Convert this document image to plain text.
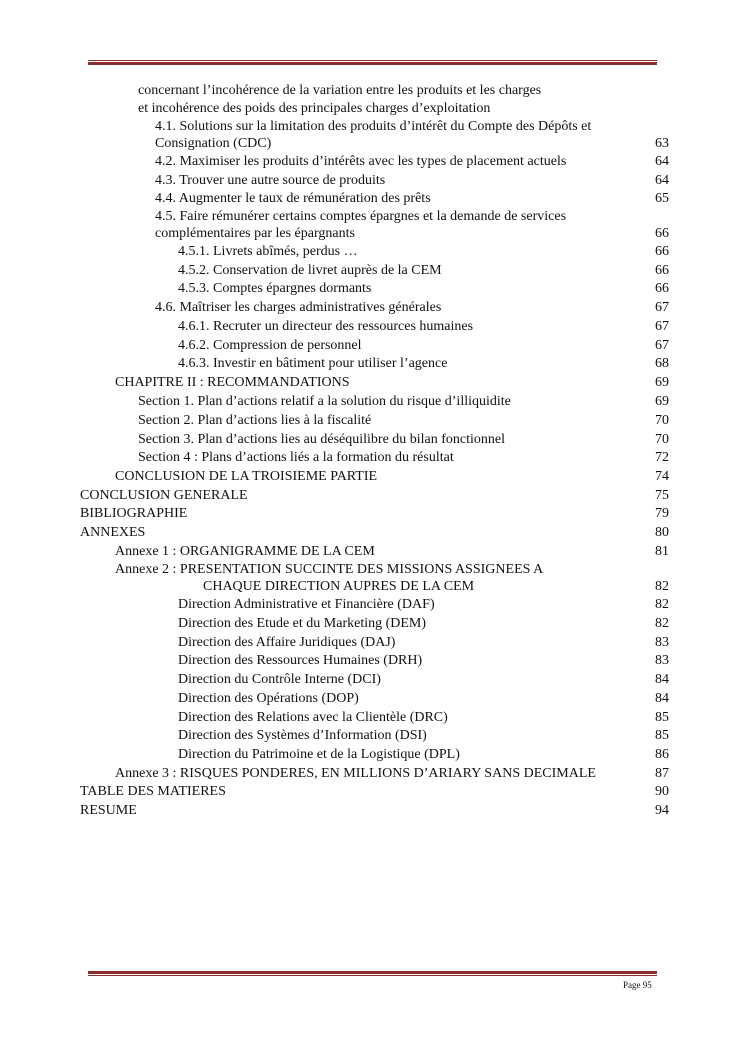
concernant l’incohérence de la variation entre les produits et les charges
et incohérence des poids des principales charges d’exploitation
4.1. Solutions sur la limitation des produits d’intérêt du Compte des Dépôts et
Consignation (CDC)	63
4.2. Maximiser les produits d’intérêts avec les types de placement actuels	64
4.3. Trouver une autre source de produits	64
4.4. Augmenter le taux de rémunération des prêts	65
4.5. Faire rémunérer certains comptes épargnes et la demande de services
complémentaires par les épargnants	66
4.5.1. Livrets abîmés, perdus …	66
4.5.2. Conservation de livret auprès de la CEM	66
4.5.3. Comptes épargnes dormants	66
4.6. Maîtriser les charges administratives générales	67
4.6.1. Recruter un directeur des ressources humaines	67
4.6.2. Compression de personnel	67
4.6.3. Investir en bâtiment pour utiliser l’agence	68
CHAPITRE II : RECOMMANDATIONS	69
Section 1. Plan d’actions relatif a la solution du risque d’illiquidite	69
Section 2. Plan d’actions lies à la fiscalité	70
Section 3. Plan d’actions lies au déséquilibre du bilan fonctionnel	70
Section 4 : Plans d’actions liés a la formation du résultat	72
CONCLUSION DE LA TROISIEME PARTIE	74
CONCLUSION GENERALE	75
BIBLIOGRAPHIE	79
ANNEXES	80
Annexe 1 : ORGANIGRAMME DE LA CEM	81
Annexe 2 : PRESENTATION SUCCINTE DES MISSIONS ASSIGNEES A
CHAQUE DIRECTION AUPRES DE LA CEM	82
Direction Administrative et Financière (DAF)	82
Direction des Etude et du Marketing (DEM)	82
Direction des Affaire Juridiques (DAJ)	83
Direction des Ressources Humaines (DRH)	83
Direction du Contrôle Interne (DCI)	84
Direction des Opérations (DOP)	84
Direction des Relations avec la Clientèle (DRC)	85
Direction des Systèmes d’Information (DSI)	85
Direction du Patrimoine et de la Logistique (DPL)	86
Annexe 3 : RISQUES PONDERES, EN MILLIONS D’ARIARY SANS DECIMALE	87
TABLE DES MATIERES	90
RESUME	94
Page 95
